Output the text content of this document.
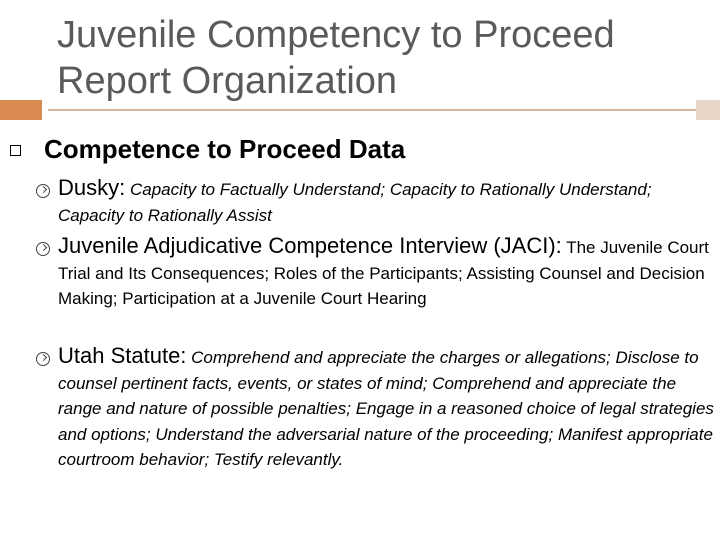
Juvenile Competency to Proceed Report Organization
Competence to Proceed Data
Dusky: Capacity to Factually Understand; Capacity to Rationally Understand; Capacity to Rationally Assist
Juvenile Adjudicative Competence Interview (JACI): The Juvenile Court Trial and Its Consequences; Roles of the Participants; Assisting Counsel and Decision Making; Participation at a Juvenile Court Hearing
Utah Statute: Comprehend and appreciate the charges or allegations; Disclose to counsel pertinent facts, events, or states of mind; Comprehend and appreciate the range and nature of possible penalties; Engage in a reasoned choice of legal strategies and options; Understand the adversarial nature of the proceeding; Manifest appropriate courtroom behavior; Testify relevantly.
